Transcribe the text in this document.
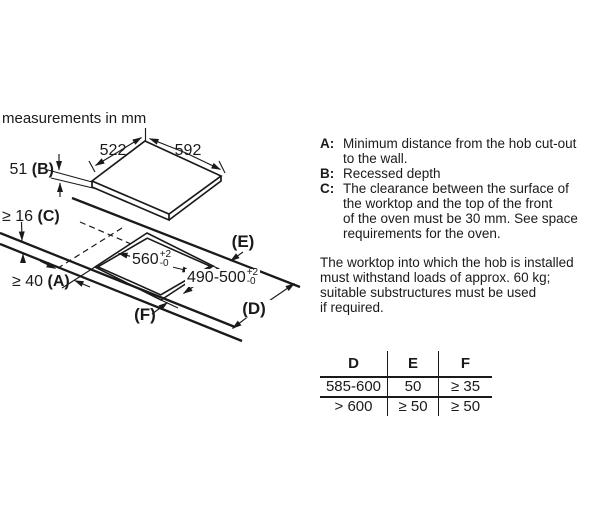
measurements in mm
522	592
51 (B)
≥ 16 (C)
≥ 40 (A)
560 +2
-0
490-500 +2
-0
(E)
(D)
(F)
A: Minimum distance from the hob cut-out
to the wall.
B: Recessed depth
C: The clearance between the surface of
the worktop and the top of the front
of the oven must be 30 mm. See space
requirements for the oven.
The worktop into which the hob is installed
must withstand loads of approx. 60 kg;
suitable substructures must be used
if required.
D	E	F
585-600	50	≥ 35
> 600	≥ 50	≥ 50
